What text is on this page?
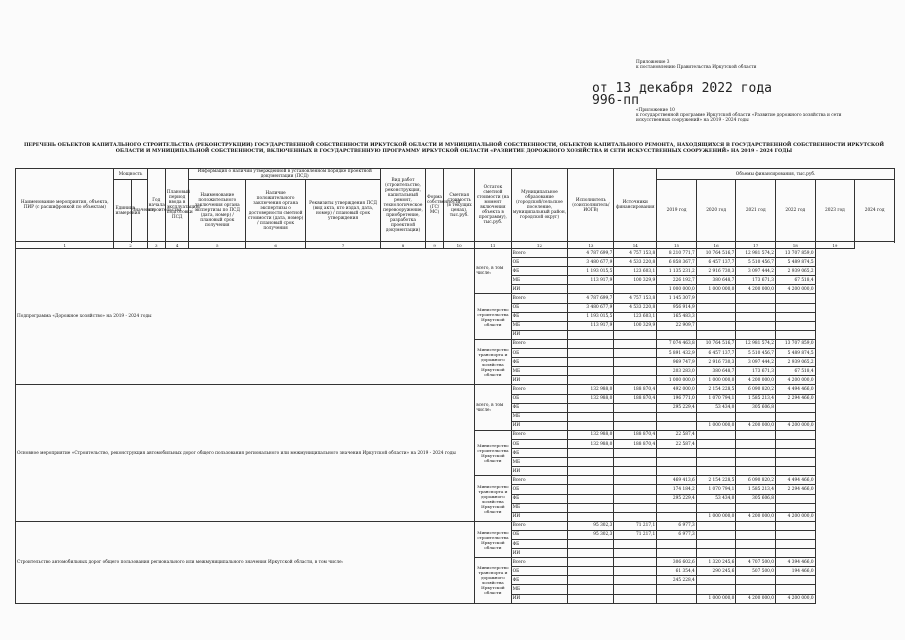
Приложение 3
к постановлению Правительства Иркутской области
от 13 декабря 2022 года
996-пп
«Приложение 10
к государственной программе Иркутской области «Развитие дорожного хозяйства и сети
искусственных сооружений» на 2019 - 2024 годы
ПЕРЕЧЕНЬ ОБЪЕКТОВ КАПИТАЛЬНОГО СТРОИТЕЛЬСТВА (РЕКОНСТРУКЦИИ) ГОСУДАРСТВЕННОЙ СОБСТВЕННОСТИ ИРКУТСКОЙ ОБЛАСТИ И МУНИЦИПАЛЬНОЙ СОБСТВЕННОСТИ, ОБЪЕКТОВ КАПИТАЛЬНОГО РЕМОНТА, НАХОДЯЩИХСЯ В ГОСУДАРСТВЕННОЙ СОБСТВЕННОСТИ ИРКУТСКОЙ
ОБЛАСТИ И МУНИЦИПАЛЬНОЙ СОБСТВЕННОСТИ, ВКЛЮЧЕННЫХ В ГОСУДАРСТВЕННУЮ ПРОГРАММУ ИРКУТСКОЙ ОБЛАСТИ «РАЗВИТИЕ ДОРОЖНОГО ХОЗЯЙСТВА И СЕТИ ИСКУССТВЕННЫХ СООРУЖЕНИЙ» НА 2019 - 2024 ГОДЫ
Наименование мероприятия, объекта, ПИР (с расшифровкой по объектам)	Мощность		Год начала строительства	Плановый период ввода в эксплуатацию/ подготовки ПСД	Информация о наличии утвержденной в установленном порядке проектной документации (ПСД)			Вид работ (строительство, реконструкция, капитальный ремонт, технологическое перевооружение, приобретение, разработка проектной документации)	Форма собственности (ГС/МС)	Сметная стоимость (в текущих ценах), тыс.руб.	Остаток сметной стоимости (на момент включения объекта в программу), тыс.руб.	Муниципальное образование (городской/сельское поселение, муниципальный район, городской округ)	Исполнитель (соисполнитель/ИОГВ)	Источники финансирования	Объемы финансирования, тыс.руб.					
	Единица измерения	Значение			Наименование положительного заключения органа экспертизы по ПСД (дата, номер) / плановый срок получения	Наличие положительного заключения органа экспертизы о достоверности сметной стоимости (дата, номер) / плановый срок получения	Реквизиты утверждения ПСД (вид акта, кто издал, дата, номер) / плановый срок утверждения								2019 год	2020 год	2021 год	2022 год	2023 год	2024 год

1	2		3	4	5	6	7	8	9	10	11	12	13	14	15	16	17	18	19	
Подпрограмма «Дорожное хозяйство» на 2019 - 2024 годы											всего, в том числе:	Всего	4 787 699,7	4 757 153,8	8 210 771,7	10 764 516,7	12 981 574,2	13 707 859,0		
												ОБ	3 480 677,9	4 533 220,8	6 858 367,7	6 457 137,7	5 510 456,7	5 489 874,5		
												ФБ	1 193 015,5	123 603,1	1 135 231,2	2 916 730,3	3 097 444,2	2 939 065,2		
												МБ	113 917,9	100 329,9	226 192,7	380 648,7	173 671,3	67 518,4		
												ИИ			1 000 000,0	1 000 000,0	4 200 000,0	4 200 000,0		
											Министерство строительства Иркутской области	Всего	4 787 699,7	4 757 153,8	1 145 307,9					
												ОБ	3 480 677,9	4 533 220,8	956 914,9					
												ФБ	1 193 015,5	123 603,1	165 483,3					
												МБ	113 917,9	100 329,9	22 909,7					
												ИИ								
											Министерство транспорта и дорожного хозяйства Иркутской области	Всего			7 074 463,8	10 764 516,7	12 981 574,2	13 707 859,0		
												ОБ			5 891 432,9	6 457 137,7	5 510 456,7	5 489 874,5		
												ФБ			969 747,9	2 916 730,3	3 097 444,2	2 939 065,2		
												МБ			203 283,0	380 648,7	173 671,3	67 518,4		
												ИИ			1 000 000,0	1 000 000,0	4 200 000,0	4 200 000,0		
Основное мероприятие «Строительство, реконструкция автомобильных дорог общего пользования регионального или межмуниципального значения Иркутской области» на 2019 - 2024 годы											всего, в том числе:	Всего	132 988,0	188 870,4	492 000,0	2 154 228,5	6 090 820,2	4 494 466,0		
												ОБ	132 988,0	188 870,4	196 771,0	1 070 794,1	1 585 213,4	2 294 466,0		
												ФБ			295 229,4	53 434,0	305 606,8			
												МБ								
												ИИ				1 000 000,0	4 200 000,0	4 200 000,0		
											Министерство строительства Иркутской области	Всего	132 988,0	188 870,4	22 587,4					
												ОБ	132 988,0	188 870,4	22 587,4					
												ФБ								
												МБ								
												ИИ								
											Министерство транспорта и дорожного хозяйства Иркутской области	Всего			469 413,6	2 154 228,5	6 090 820,2	4 494 466,0		
												ОБ			174 184,2	1 070 794,1	1 585 213,4	2 294 466,0		
												ФБ			295 229,4	53 434,0	305 606,8			
												МБ								
												ИИ				1 000 000,0	4 200 000,0	4 200 000,0		
Строительство автомобильных дорог общего пользования регионального или межмуниципального значения Иркутской области, в том числе:											Министерство строительства Иркутской области	Всего	95 302,3	71 217,1	6 977,3					
												ОБ	95 302,3	71 217,1	6 977,3					
												ФБ								
												ИИ								
											Министерство транспорта и дорожного хозяйства Иркутской области	Всего			306 602,6	1 320 245,6	4 707 500,0	4 394 466,0		
												ОБ			61 354,4	290 245,6	507 500,0	194 466,0		
												ФБ			245 228,4					
												МБ								
												ИИ				1 000 000,0	4 200 000,0	4 200 000,0		
